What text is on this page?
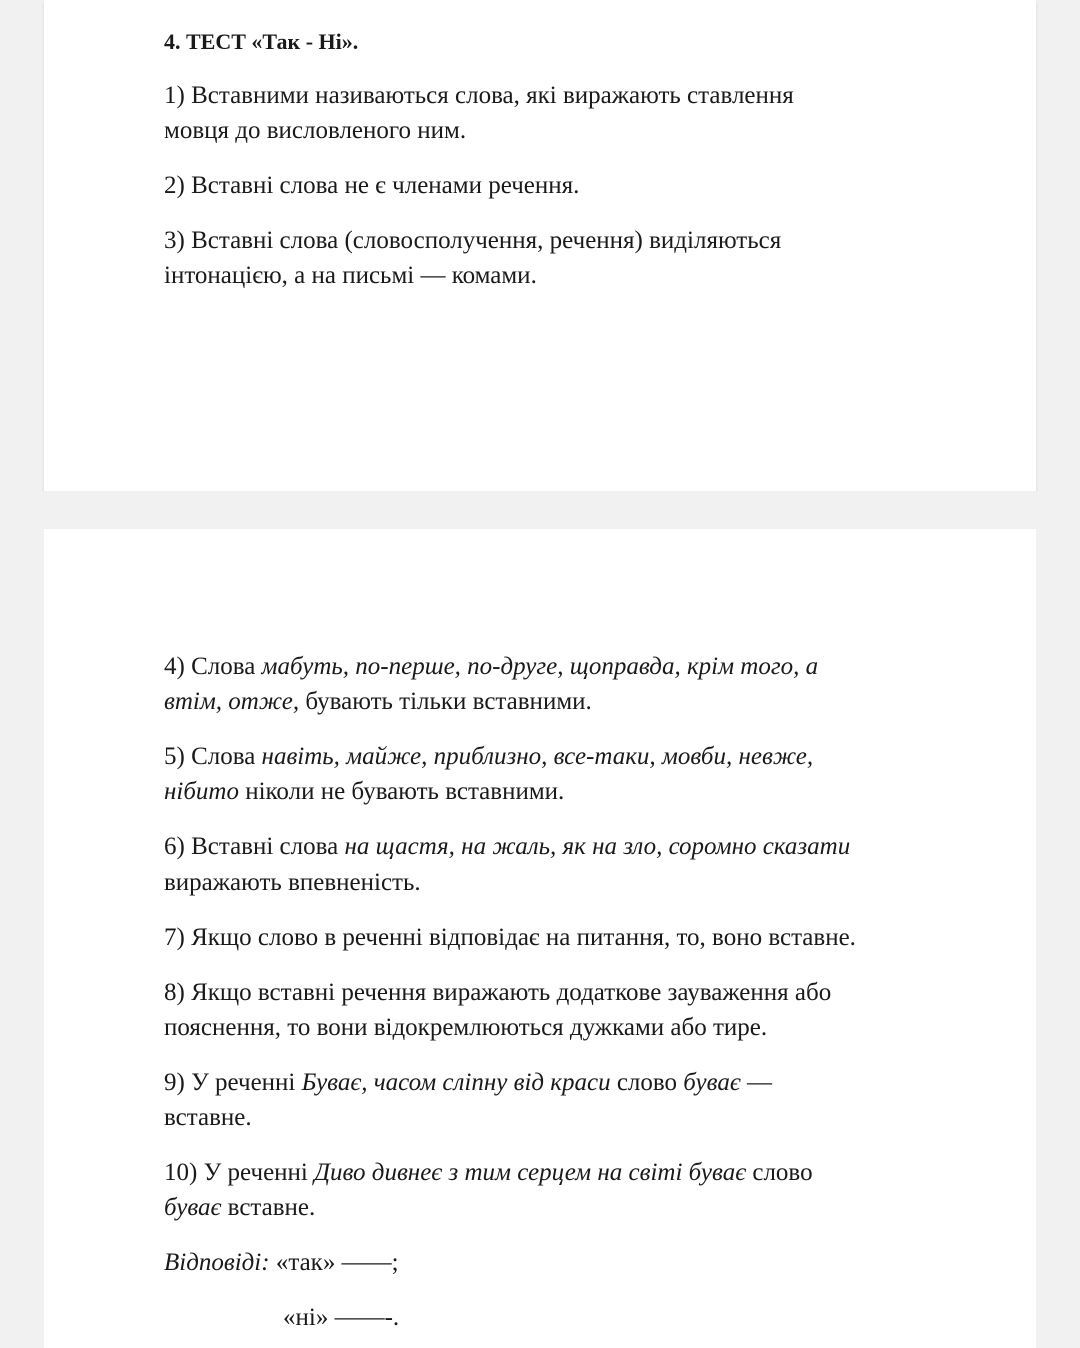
4. ТЕСТ «Так - Ні».

1) Вставними називаються слова, які виражають ставлення

мовця до висловленого ним.

2) Вставні слова не є членами речення.

3) Вставні слова (словосполучення, речення) виділяються

інтонацією, а на письмі — комами.

4) Слова мабуть, по-перше, по-друге, щоправда, крім того, а

втім, отже, бувають тільки вставними.

5) Слова навіть, майже, приблизно, все-таки, мовби, невже,

нібито ніколи не бувають вставними.

6) Вставні слова на щастя, на жаль, як на зло, соромно сказати

виражають впевненість.

7) Якщо слово в реченні відповідає на питання, то, воно вставне.

8) Якщо вставні речення виражають додаткове зауваження або

пояснення, то вони відокремлюються дужками або тире.

9) У реченні Буває, часом сліпну від краси слово буває —

вставне.

10) У реченні Диво дивнеє з тим серцем на світі буває слово

буває вставне.

Відповіді: «так» ——;

«ні» ——-.
